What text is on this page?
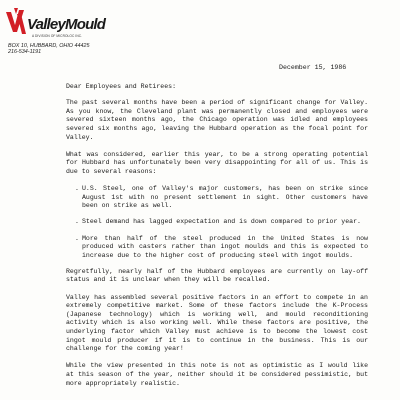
ValleyMould
A DIVISION OF MICROLOC INC.
BOX 10, HUBBARD, OHIO 44425
216-534-1191
December 15, 1986

Dear Employees and Retirees:

The past several months have been a period of significant change for Valley. As you know, the Cleveland plant was permanently closed and employees were severed sixteen months ago, the Chicago operation was idled and employees severed six months ago, leaving the Hubbard operation as the focal point for Valley.

What was considered, earlier this year, to be a strong operating potential for Hubbard has unfortunately been very disappointing for all of us. This is due to several reasons:

. U.S. Steel, one of Valley's major customers, has been on strike since August 1st with no present settlement in sight. Other customers have been on strike as well.
. Steel demand has lagged expectation and is down compared to prior year.
. More than half of the steel produced in the United States is now produced with casters rather than ingot moulds and this is expected to increase due to the higher cost of producing steel with ingot moulds.

Regretfully, nearly half of the Hubbard employees are currently on lay-off status and it is unclear when they will be recalled.

Valley has assembled several positive factors in an effort to compete in an extremely competitive market. Some of these factors include the K-Process (Japanese technology) which is working well, and mould reconditioning activity which is also working well. While these factors are positive, the underlying factor which Valley must achieve is to become the lowest cost ingot mould producer if it is to continue in the business. This is our challenge for the coming year!

While the view presented in this note is not as optimistic as I would like at this season of the year, neither should it be considered pessimistic, but more appropriately realistic.
